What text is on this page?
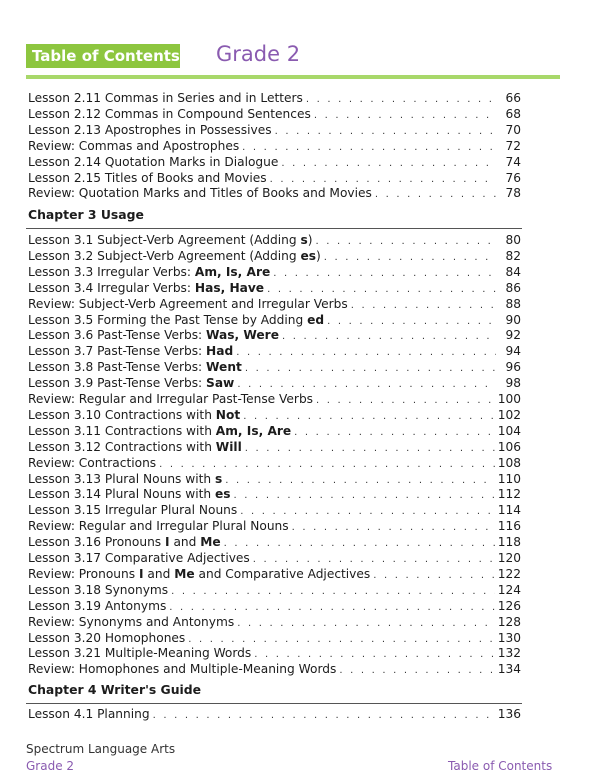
Table of Contents Grade 2
Lesson 2.11 Commas in Series and in Letters . . .	66
Lesson 2.12 Commas in Compound Sentences . . .	68
Lesson 2.13 Apostrophes in Possessives . . .	70
Review: Commas and Apostrophes . . .	72
Lesson 2.14 Quotation Marks in Dialogue . . .	74
Lesson 2.15 Titles of Books and Movies . . .	76
Review: Quotation Marks and Titles of Books and Movies . . .	78
Chapter 3 Usage
Lesson 3.1 Subject-Verb Agreement (Adding s) . . .	80
Lesson 3.2 Subject-Verb Agreement (Adding es) . . .	82
Lesson 3.3 Irregular Verbs: Am, Is, Are . . .	84
Lesson 3.4 Irregular Verbs: Has, Have . . .	86
Review: Subject-Verb Agreement and Irregular Verbs . . .	88
Lesson 3.5 Forming the Past Tense by Adding ed . . .	90
Lesson 3.6 Past-Tense Verbs: Was, Were . . .	92
Lesson 3.7 Past-Tense Verbs: Had . . .	94
Lesson 3.8 Past-Tense Verbs: Went . . .	96
Lesson 3.9 Past-Tense Verbs: Saw . . .	98
Review: Regular and Irregular Past-Tense Verbs . . .	100
Lesson 3.10 Contractions with Not . . .	102
Lesson 3.11 Contractions with Am, Is, Are . . .	104
Lesson 3.12 Contractions with Will . . .	106
Review: Contractions . . .	108
Lesson 3.13 Plural Nouns with s . . .	110
Lesson 3.14 Plural Nouns with es . . .	112
Lesson 3.15 Irregular Plural Nouns . . .	114
Review: Regular and Irregular Plural Nouns . . .	116
Lesson 3.16 Pronouns I and Me . . .	118
Lesson 3.17 Comparative Adjectives . . .	120
Review: Pronouns I and Me and Comparative Adjectives . . .	122
Lesson 3.18 Synonyms . . .	124
Lesson 3.19 Antonyms . . .	126
Review: Synonyms and Antonyms . . .	128
Lesson 3.20 Homophones . . .	130
Lesson 3.21 Multiple-Meaning Words . . .	132
Review: Homophones and Multiple-Meaning Words . . .	134
Chapter 4 Writer's Guide
Lesson 4.1 Planning . . .	136
Spectrum Language Arts
Grade 2	Table of Contents
